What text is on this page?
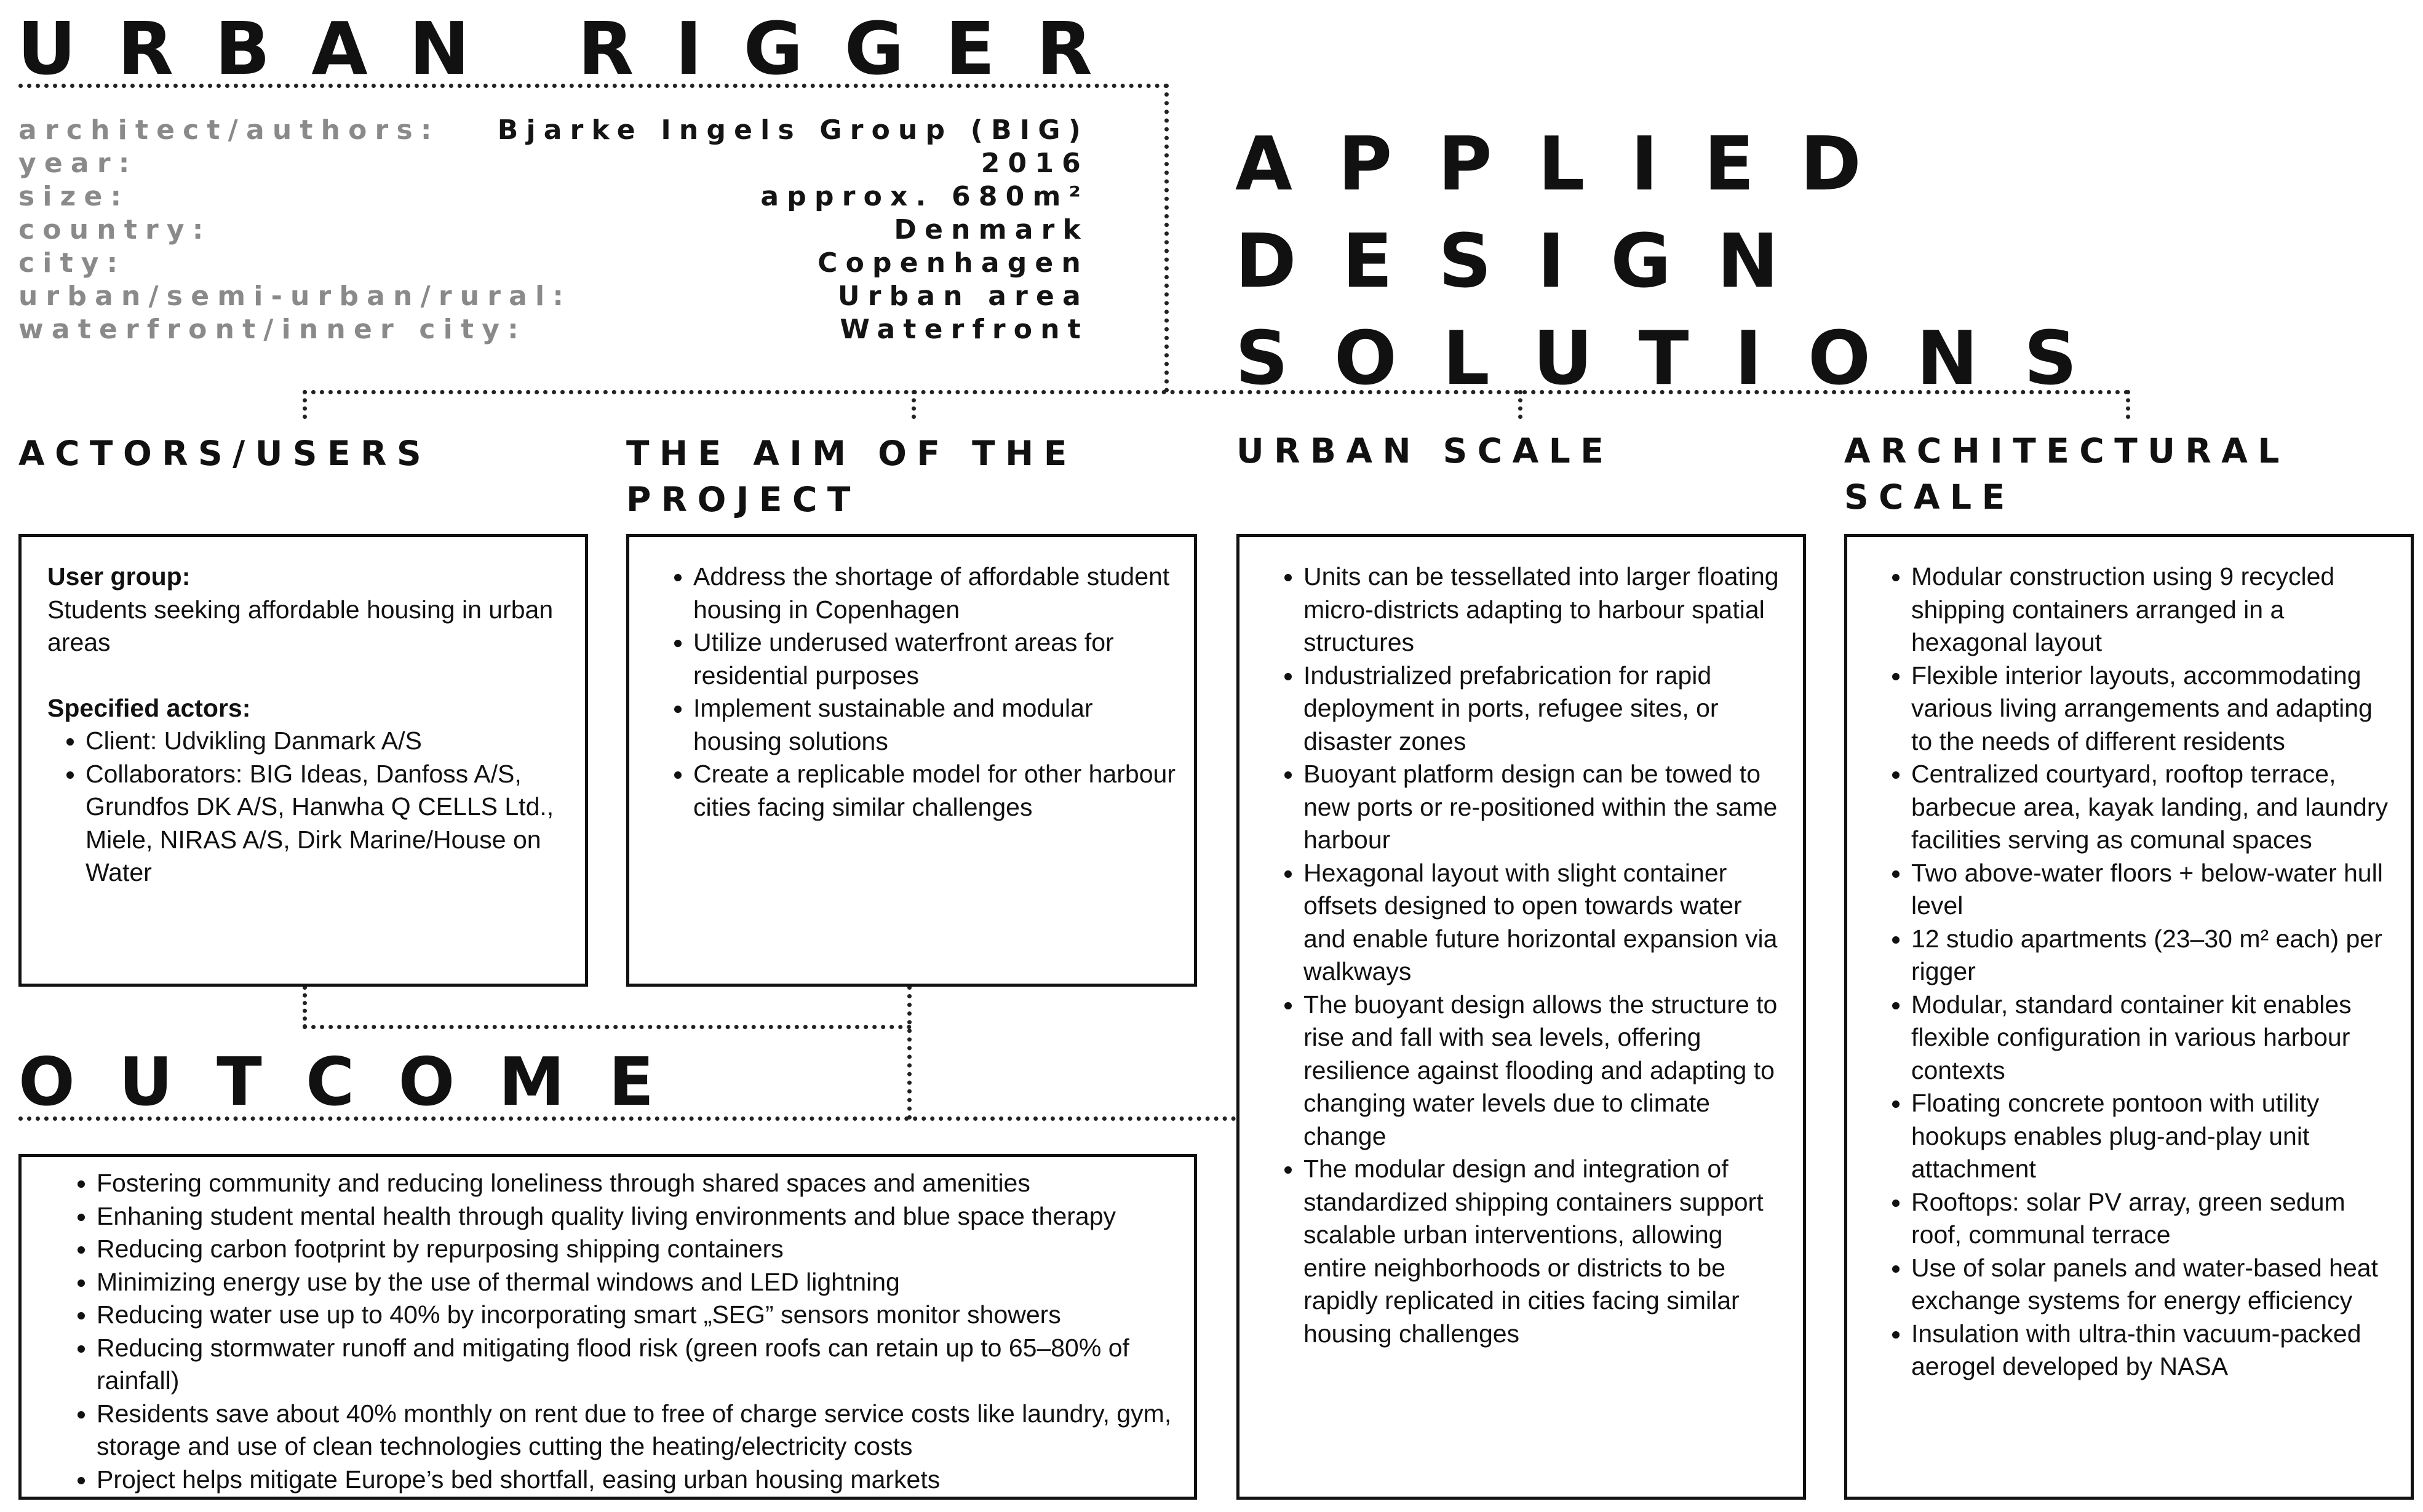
URBAN RIGGER
architect/authors: Bjarke Ingels Group (BIG)
year:	2016
size:	approx. 680m²
country:	Denmark
city:	Copenhagen
urban/semi-urban/rural:	Urban area
waterfront/inner city:	Waterfront
APPLIED
DESIGN
SOLUTIONS
ACTORS/USERS	THE AIM OF THE PROJECT
URBAN SCALE	ARCHITECTURAL SCALE

User group:

Students seeking affordable housing in urban areas

Specified actors:

• Client: Udvikling Danmark A/S
• Collaborators: BIG Ideas, Danfoss A/S, Grundfos DK A/S, Hanwha Q CELLS Ltd., Miele, NIRAS A/S, Dirk Marine/House on Water
• Address the shortage of affordable student housing in Copenhagen
• Utilize underused waterfront areas for residential purposes
• Implement sustainable and modular housing solutions
• Create a replicable model for other harbour cities facing similar challenges
• Units can be tessellated into larger floating micro-districts adapting to harbour spatial structures
• Industrialized prefabrication for rapid deployment in ports, refugee sites, or disaster zones
• Buoyant platform design can be towed to new ports or re-positioned within the same harbour
• Hexagonal layout with slight container offsets designed to open towards water and enable future horizontal expansion via walkways
• The buoyant design allows the structure to rise and fall with sea levels, offering resilience against flooding and adapting to changing water levels due to climate change
• The modular design and integration of standardized shipping containers support scalable urban interventions, allowing entire neighborhoods or districts to be rapidly replicated in cities facing similar housing challenges
• Modular construction using 9 recycled shipping containers arranged in a hexagonal layout
• Flexible interior layouts, accommodating various living arrangements and adapting to the needs of different residents
• Centralized courtyard, rooftop terrace, barbecue area, kayak landing, and laundry facilities serving as comunal spaces
• Two above-water floors + below-water hull level
• 12 studio apartments (23–30 m² each) per rigger
• Modular, standard container kit enables flexible configuration in various harbour contexts
• Floating concrete pontoon with utility hookups enables plug-and-play unit attachment
• Rooftops: solar PV array, green sedum roof, communal terrace
• Use of solar panels and water-based heat exchange systems for energy efficiency
• Insulation with ultra-thin vacuum-packed aerogel developed by NASA
OUTCOME
• Fostering community and reducing loneliness through shared spaces and amenities
• Enhaning student mental health through quality living environments and blue space therapy
• Reducing carbon footprint by repurposing shipping containers
• Minimizing energy use by the use of thermal windows and LED lightning
• Reducing water use up to 40% by incorporating smart „SEG” sensors monitor showers
• Reducing stormwater runoff and mitigating flood risk (green roofs can retain up to 65–80% of rainfall)
• Residents save about 40% monthly on rent due to free of charge service costs like laundry, gym, storage and use of clean technologies cutting the heating/electricity costs
• Project helps mitigate Europe’s bed shortfall, easing urban housing markets
